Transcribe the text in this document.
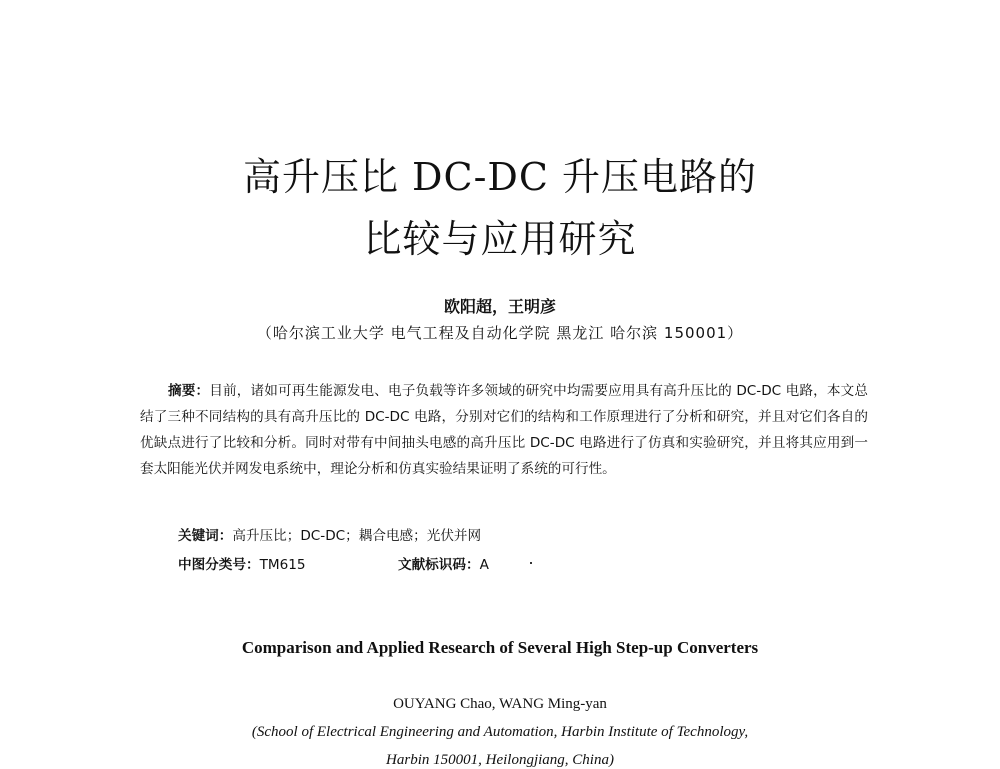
高升压比 DC-DC 升压电路的
比较与应用研究
欧阳超，王明彦
（哈尔滨工业大学 电气工程及自动化学院 黑龙江 哈尔滨 150001）
摘要：目前，诸如可再生能源发电、电子负载等许多领域的研究中均需要应用具有高升压比的 DC-DC 电路，本文总结了三种不同结构的具有高升压比的 DC-DC 电路，分别对它们的结构和工作原理进行了分析和研究，并且对它们各自的优缺点进行了比较和分析。同时对带有中间抽头电感的高升压比 DC-DC 电路进行了仿真和实验研究，并且将其应用到一套太阳能光伏并网发电系统中，理论分析和仿真实验结果证明了系统的可行性。
关键词：高升压比；DC-DC；耦合电感；光伏并网
中图分类号：TM615	文献标识码：A
Comparison and Applied Research of Several High Step-up Converters
OUYANG Chao, WANG Ming-yan
(School of Electrical Engineering and Automation, Harbin Institute of Technology,
Harbin 150001, Heilongjiang, China)
